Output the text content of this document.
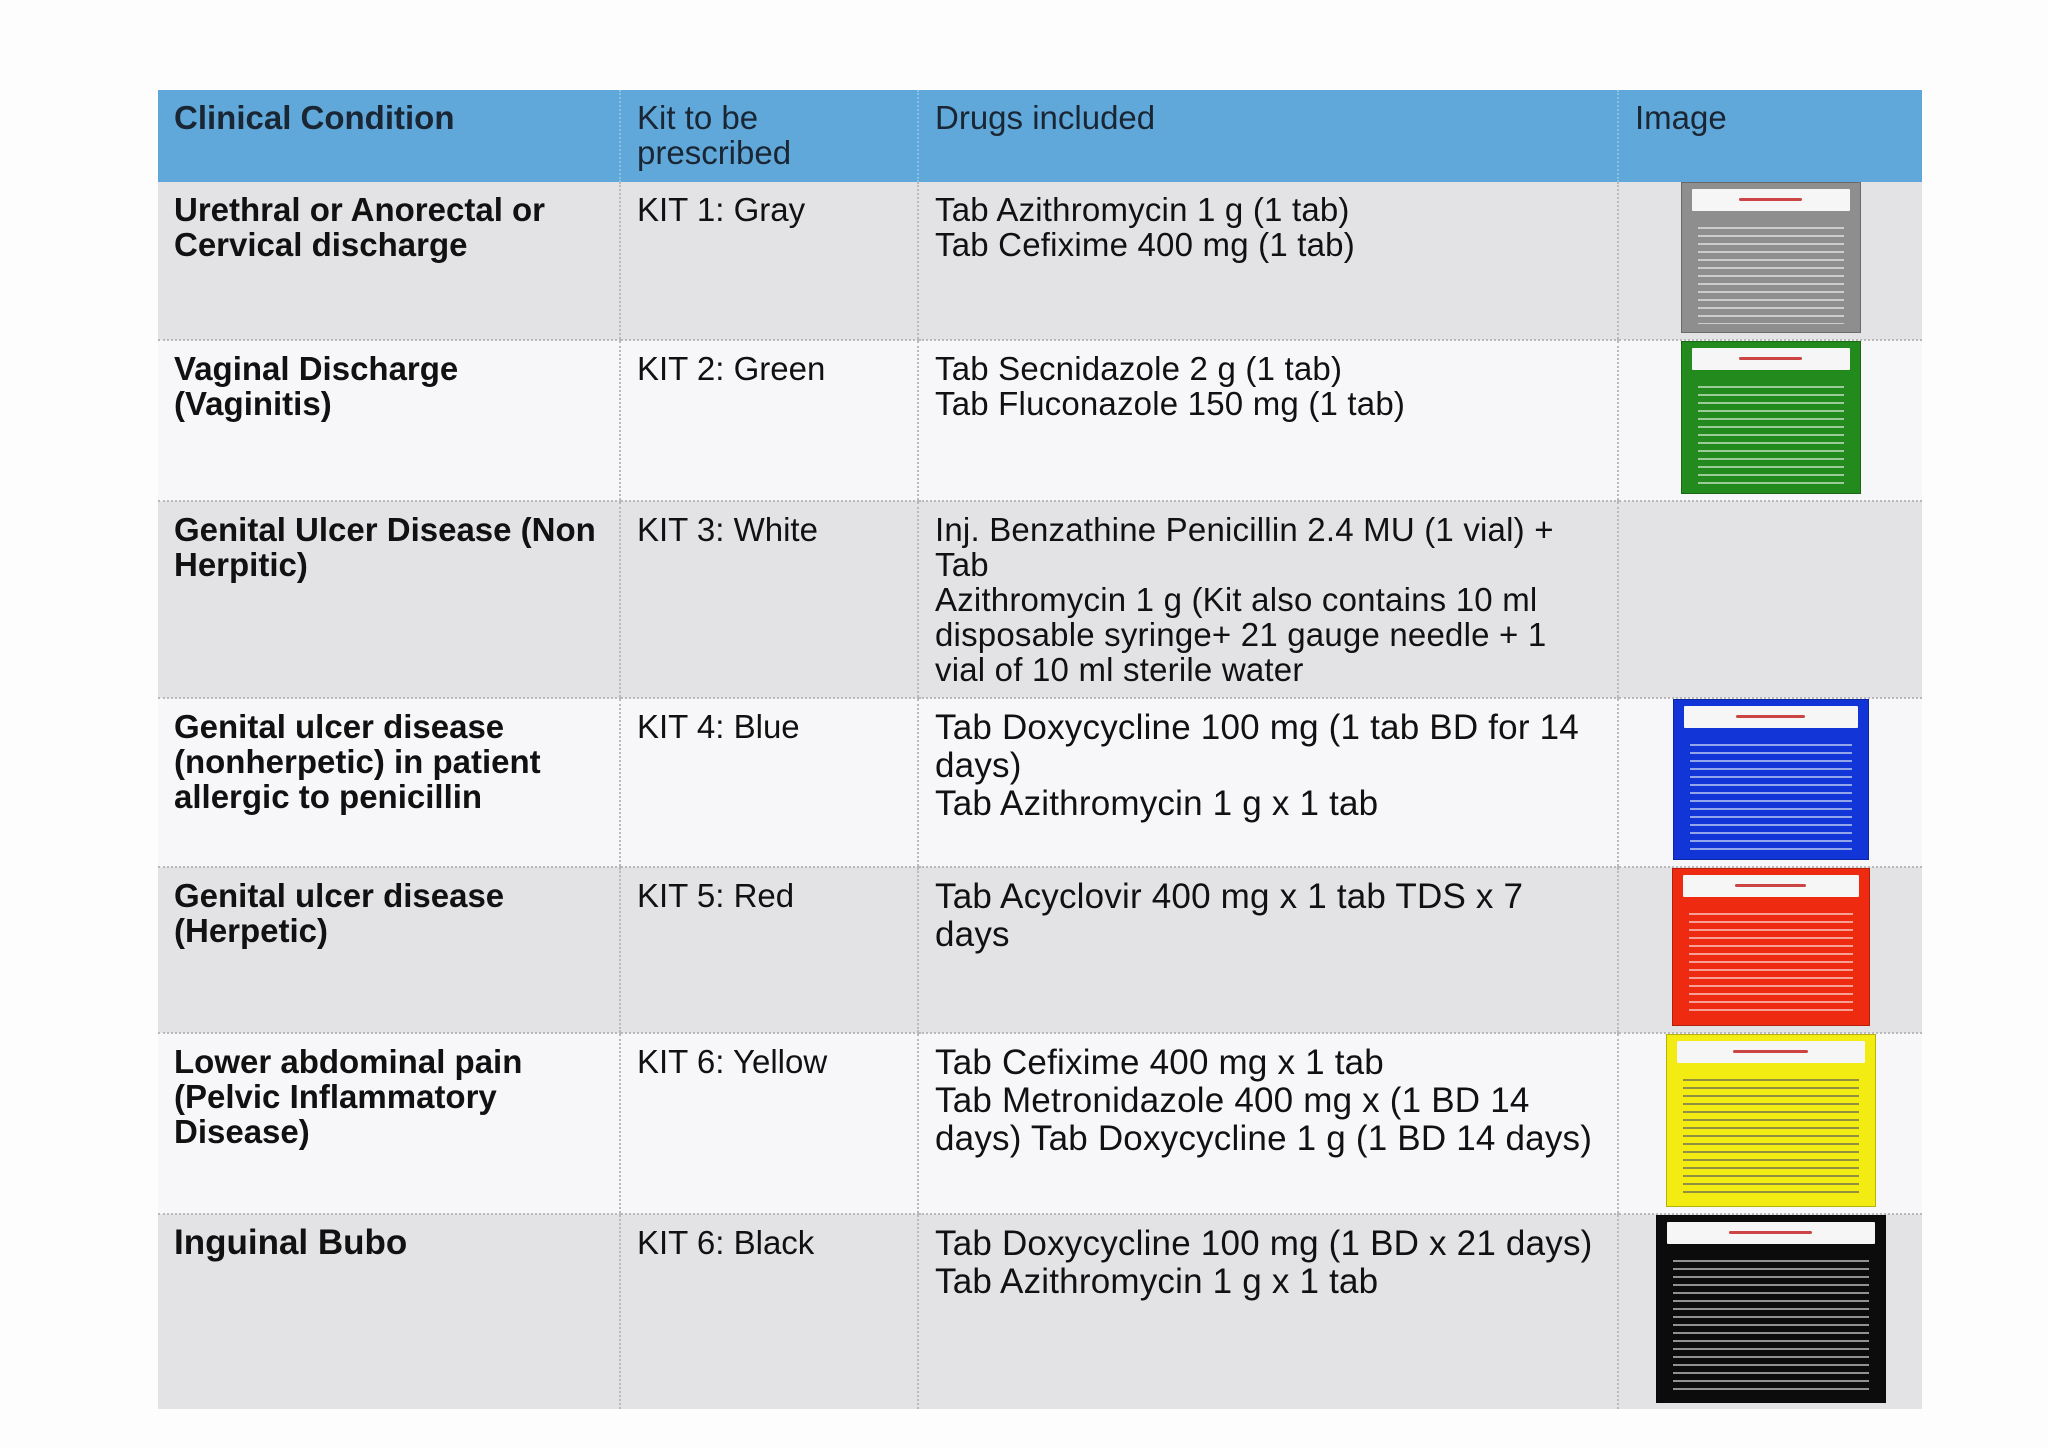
Clinical Condition	Kit to be prescribed	Drugs included	Image
Urethral or Anorectal or Cervical discharge	KIT 1: Gray	Tab Azithromycin 1 g (1 tab)
Tab Cefixime 400 mg (1 tab)	

Vaginal Discharge (Vaginitis)	KIT 2: Green	Tab Secnidazole 2 g (1 tab)
Tab Fluconazole 150 mg (1 tab)	

Genital Ulcer Disease (Non Herpitic)	KIT 3: White	Inj. Benzathine Penicillin 2.4 MU (1 vial) + Tab
Azithromycin 1 g (Kit also contains 10 ml disposable syringe+ 21 gauge needle + 1 vial of 10 ml sterile water	

Genital ulcer disease (nonherpetic) in patient allergic to penicillin	KIT 4: Blue	Tab Doxycycline 100 mg (1 tab BD for 14 days)
Tab Azithromycin 1 g x 1 tab	

Genital ulcer disease (Herpetic)	KIT 5: Red	Tab Acyclovir 400 mg x 1 tab TDS x 7 days	

Lower abdominal pain (Pelvic Inflammatory Disease)	KIT 6: Yellow	Tab Cefixime 400 mg x 1 tab
Tab Metronidazole 400 mg x (1 BD 14 days) Tab Doxycycline 1 g (1 BD 14 days)	

Inguinal Bubo	KIT 6: Black	Tab Doxycycline 100 mg (1 BD x 21 days)
Tab Azithromycin 1 g x 1 tab	
